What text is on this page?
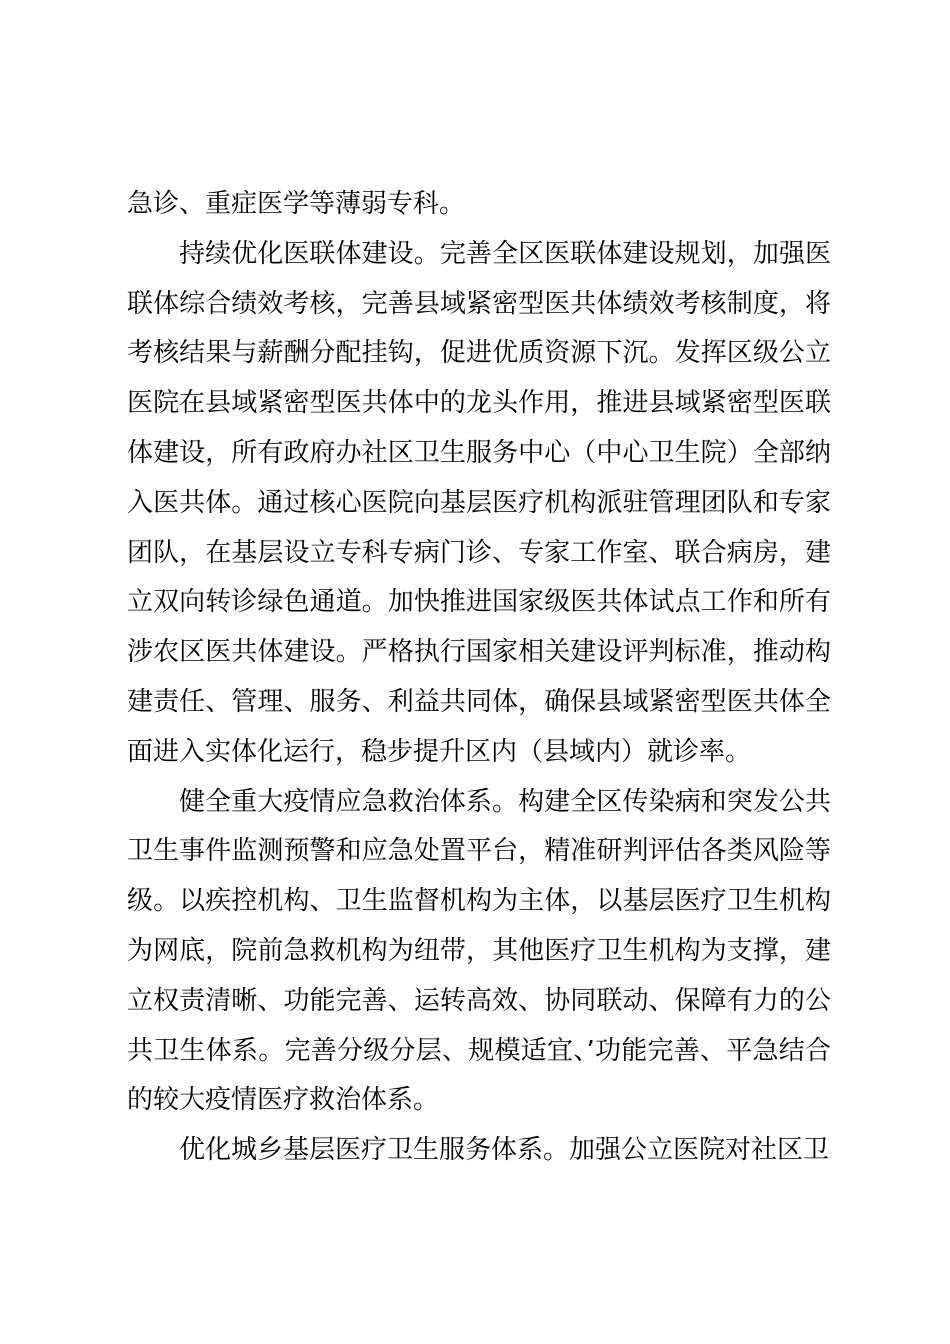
急诊、重症医学等薄弱专科。

持续优化医联体建设。完善全区医联体建设规划，加强医联体综合绩效考核，完善县域紧密型医共体绩效考核制度，将考核结果与薪酬分配挂钩，促进优质资源下沉。发挥区级公立医院在县域紧密型医共体中的龙头作用，推进县域紧密型医联体建设，所有政府办社区卫生服务中心（中心卫生院）全部纳入医共体。通过核心医院向基层医疗机构派驻管理团队和专家团队，在基层设立专科专病门诊、专家工作室、联合病房，建立双向转诊绿色通道。加快推进国家级医共体试点工作和所有涉农区医共体建设。严格执行国家相关建设评判标准，推动构建责任、管理、服务、利益共同体，确保县域紧密型医共体全面进入实体化运行，稳步提升区内（县域内）就诊率。

健全重大疫情应急救治体系。构建全区传染病和突发公共卫生事件监测预警和应急处置平台，精准研判评估各类风险等级。以疾控机构、卫生监督机构为主体，以基层医疗卫生机构为网底，院前急救机构为纽带，其他医疗卫生机构为支撑，建立权责清晰、功能完善、运转高效、协同联动、保障有力的公共卫生体系。完善分级分层、规模适宜、’功能完善、平急结合的较大疫情医疗救治体系。

优化城乡基层医疗卫生服务体系。加强公立医院对社区卫
